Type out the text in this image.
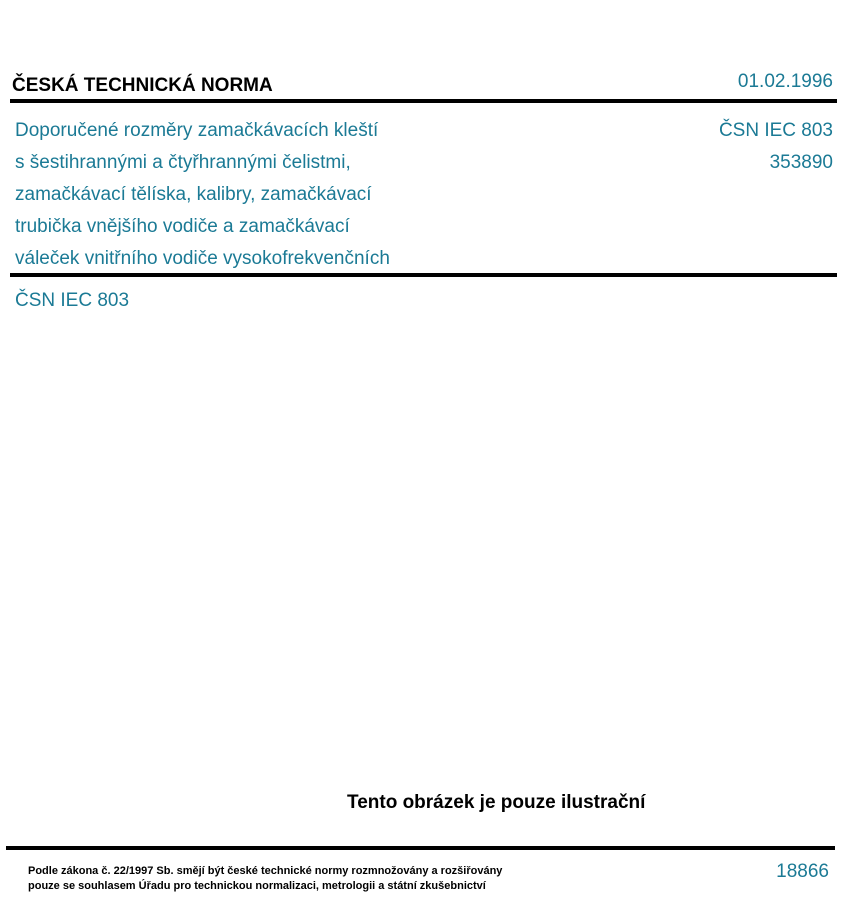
ČESKÁ TECHNICKÁ NORMA	01.02.1996
Doporučené rozměry zamačkávacích kleští
s šestihrannými a čtyřhrannými čelistmi,
zamačkávací tělíska, kalibry, zamačkávací
trubička vnějšího vodiče a zamačkávací
váleček vnitřního vodiče vysokofrekvenčních
ČSN IEC 803
353890
ČSN IEC 803
Tento obrázek je pouze ilustrační
Podle zákona č. 22/1997 Sb. smějí být české technické normy rozmnožovány a rozšiřovány
pouze se souhlasem Úřadu pro technickou normalizaci, metrologii a státní zkušebnictví
18866
